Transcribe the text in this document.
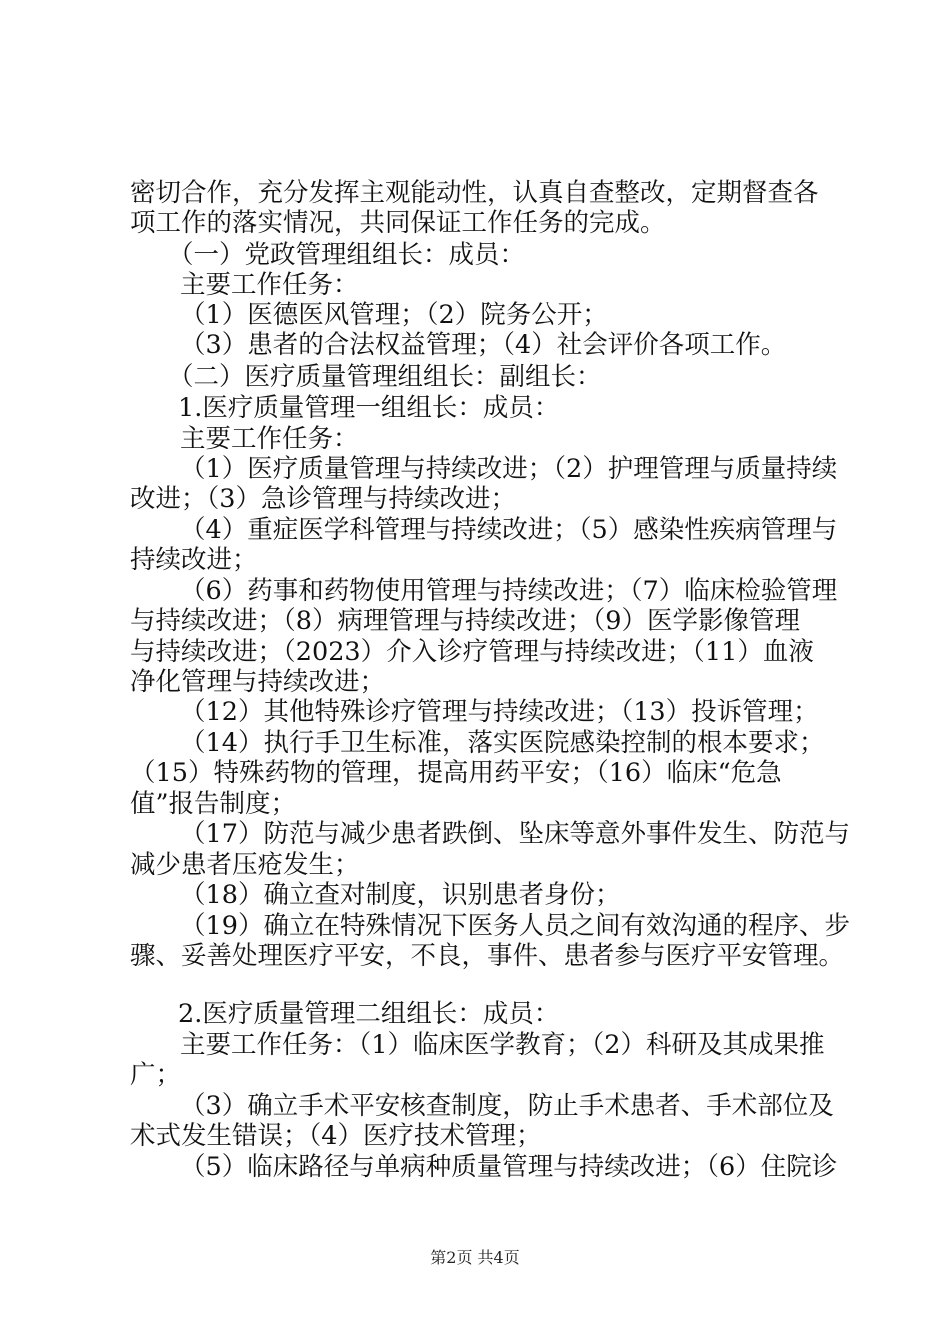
密切合作，充分发挥主观能动性，认真自查整改，定期督查各
项工作的落实情况，共同保证工作任务的完成。
（一）党政管理组组长：成员：
主要工作任务：
（1）医德医风管理；（2）院务公开；
（3）患者的合法权益管理；（4）社会评价各项工作。
（二）医疗质量管理组组长：副组长：
1.医疗质量管理一组组长：成员：
主要工作任务：
（1）医疗质量管理与持续改进；（2）护理管理与质量持续
改进；（3）急诊管理与持续改进；
（4）重症医学科管理与持续改进；（5）感染性疾病管理与
持续改进；
（6）药事和药物使用管理与持续改进；（7）临床检验管理
与持续改进；（8）病理管理与持续改进；（9）医学影像管理
与持续改进；（2023）介入诊疗管理与持续改进；（11）血液
净化管理与持续改进；
（12）其他特殊诊疗管理与持续改进；（13）投诉管理；
（14）执行手卫生标准，落实医院感染控制的根本要求；
（15）特殊药物的管理，提高用药平安；（16）临床“危急
值”报告制度；
（17）防范与减少患者跌倒、坠床等意外事件发生、防范与
减少患者压疮发生；
（18）确立查对制度，识别患者身份；
（19）确立在特殊情况下医务人员之间有效沟通的程序、步
骤、妥善处理医疗平安，不良，事件、患者参与医疗平安管理。
2.医疗质量管理二组组长：成员：
主要工作任务：（1）临床医学教育；（2）科研及其成果推
广；
（3）确立手术平安核查制度，防止手术患者、手术部位及
术式发生错误；（4）医疗技术管理；
（5）临床路径与单病种质量管理与持续改进；（6）住院诊
第2页 共4页
